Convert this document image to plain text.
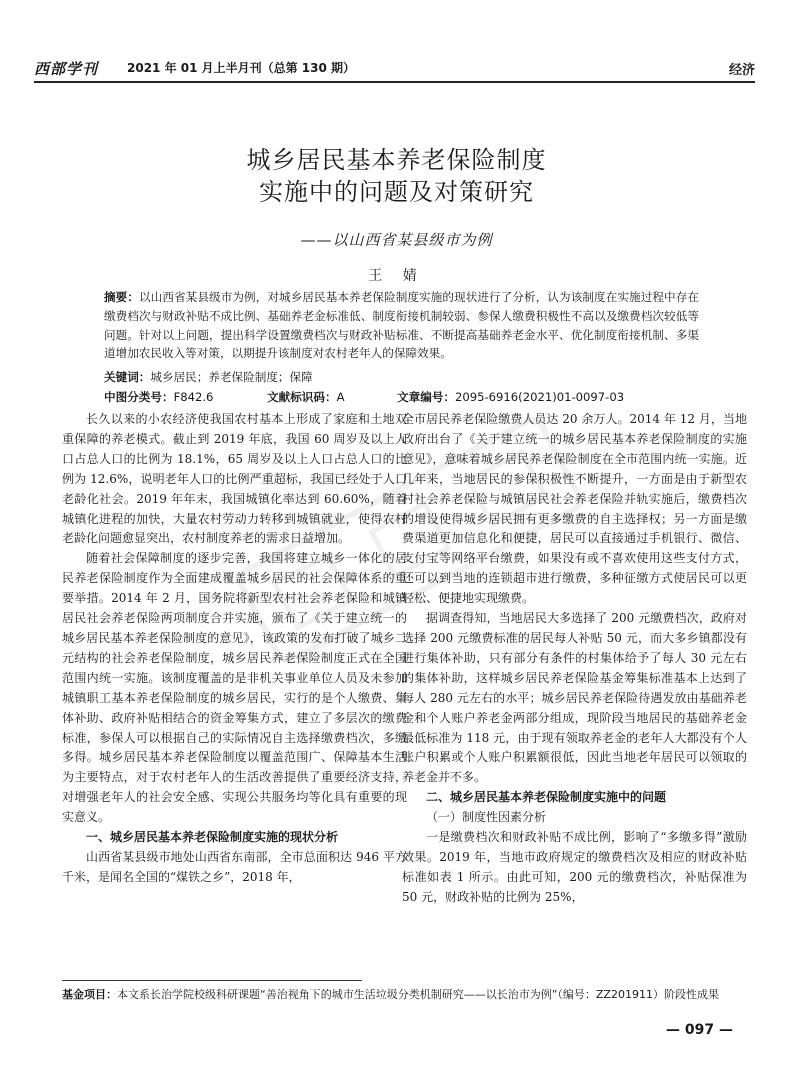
西部学刊 2021 年 01 月上半月刊（总第 130 期）	经济
城乡居民基本养老保险制度
实施中的问题及对策研究
——以山西省某县级市为例
王 婧
摘要：以山西省某县级市为例，对城乡居民基本养老保险制度实施的现状进行了分析，认为该制度在实施过程中存在缴费档次与财政补贴不成比例、基础养老金标准低、制度衔接机制较弱、参保人缴费积极性不高以及缴费档次较低等问题。针对以上问题，提出科学设置缴费档次与财政补贴标准、不断提高基础养老金水平、优化制度衔接机制、多渠道增加农民收入等对策，以期提升该制度对农村老年人的保障效果。
关键词：城乡居民；养老保险制度；保障
中图分类号：F842.6	文献标识码：A	文章编号：2095-6916(2021)01-0097-03

长久以来的小农经济使我国农村基本上形成了家庭和土地双重保障的养老模式。截止到 2019 年底，我国 60 周岁及以上人口占总人口的比例为 18.1%，65 周岁及以上人口占总人口的比例为 12.6%，说明老年人口的比例严重超标，我国已经处于人口老龄化社会。2019 年年末，我国城镇化率达到 60.60%，随着城镇化进程的加快，大量农村劳动力转移到城镇就业，使得农村老龄化问题愈显突出，农村制度养老的需求日益增加。

随着社会保障制度的逐步完善，我国将建立城乡一体化的居民养老保险制度作为全面建成覆盖城乡居民的社会保障体系的重要举措。2014 年 2 月，国务院将新型农村社会养老保险和城镇居民社会养老保险两项制度合并实施，颁布了《关于建立统一的城乡居民基本养老保险制度的意见》，该政策的发布打破了城乡二元结构的社会养老保险制度，城乡居民养老保险制度正式在全国范围内统一实施。该制度覆盖的是非机关事业单位人员及未参加城镇职工基本养老保险制度的城乡居民，实行的是个人缴费、集体补助、政府补贴相结合的资金筹集方式，建立了多层次的缴费标准，参保人可以根据自己的实际情况自主选择缴费档次，多缴多得。城乡居民基本养老保险制度以覆盖范围广、保障基本生活为主要特点，对于农村老年人的生活改善提供了重要经济支持，对增强老年人的社会安全感、实现公共服务均等化具有重要的现实意义。

一、城乡居民基本养老保险制度实施的现状分析

山西省某县级市地处山西省东南部，全市总面积达 946 平方千米，是闻名全国的“煤铁之乡”，2018 年，

全市居民养老保险缴费人员达 20 余万人。2014 年 12 月，当地政府出台了《关于建立统一的城乡居民基本养老保险制度的实施意见》，意味着城乡居民养老保险制度在全市范围内统一实施。近几年来，当地居民的参保积极性不断提升，一方面是由于新型农村社会养老保险与城镇居民社会养老保险并轨实施后，缴费档次的增设使得城乡居民拥有更多缴费的自主选择权；另一方面是缴费渠道更加信息化和便捷，居民可以直接通过手机银行、微信、支付宝等网络平台缴费，如果没有或不喜欢使用这些支付方式，还可以到当地的连锁超市进行缴费，多种征缴方式使居民可以更轻松、便捷地实现缴费。

据调查得知，当地居民大多选择了 200 元缴费档次，政府对选择 200 元缴费标准的居民每人补贴 50 元，而大多乡镇都没有进行集体补助，只有部分有条件的村集体给予了每人 30 元左右的集体补助，这样城乡居民养老保险基金筹集标准基本上达到了每人 280 元左右的水平；城乡居民养老保险待遇发放由基础养老金和个人账户养老金两部分组成，现阶段当地居民的基础养老金最低标准为 118 元，由于现有领取养老金的老年人大都没有个人账户积累或个人账户积累额很低，因此当地老年居民可以领取的养老金并不多。

二、城乡居民基本养老保险制度实施中的问题
（一）制度性因素分析

一是缴费档次和财政补贴不成比例，影响了“多缴多得”激励效果。2019 年，当地市政府规定的缴费档次及相应的财政补贴标准如表 1 所示。由此可知，200 元的缴费档次，补贴保准为 50 元，财政补贴的比例为 25%，

基金项目：本文系长治学院校级科研课题“善治视角下的城市生活垃圾分类机制研究——以长治市为例”（编号：ZZ201911）阶段性成果
— 097 —
